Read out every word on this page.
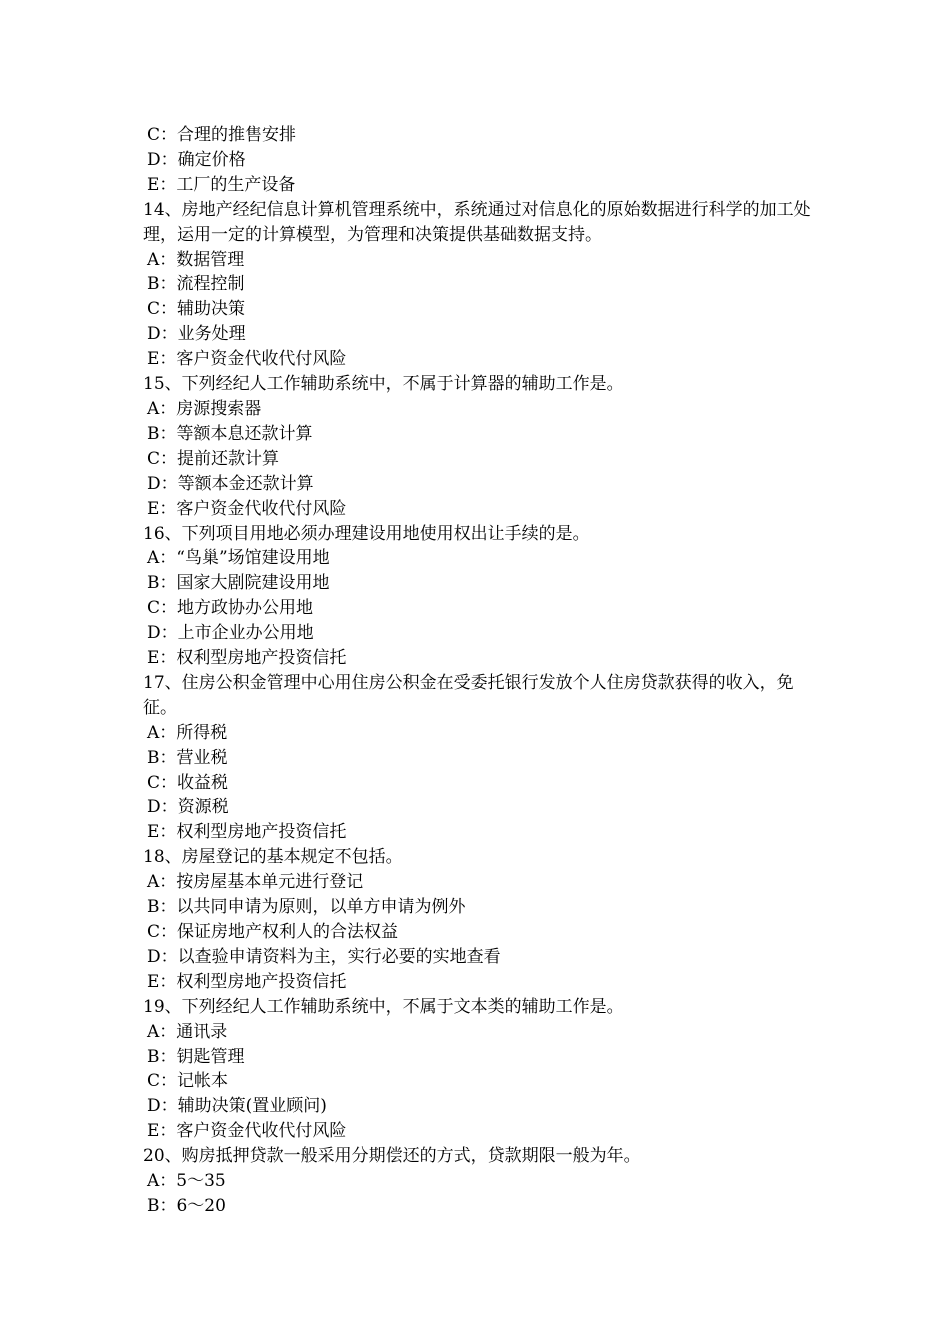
C：合理的推售安排
D：确定价格
E：工厂的生产设备
14、房地产经纪信息计算机管理系统中，系统通过对信息化的原始数据进行科学的加工处理，运用一定的计算模型，为管理和决策提供基础数据支持。
A：数据管理
B：流程控制
C：辅助决策
D：业务处理
E：客户资金代收代付风险
15、下列经纪人工作辅助系统中，不属于计算器的辅助工作是。
A：房源搜索器
B：等额本息还款计算
C：提前还款计算
D：等额本金还款计算
E：客户资金代收代付风险
16、下列项目用地必须办理建设用地使用权出让手续的是。
A：“鸟巢”场馆建设用地
B：国家大剧院建设用地
C：地方政协办公用地
D：上市企业办公用地
E：权利型房地产投资信托
17、住房公积金管理中心用住房公积金在受委托银行发放个人住房贷款获得的收入，免征。
A：所得税
B：营业税
C：收益税
D：资源税
E：权利型房地产投资信托
18、房屋登记的基本规定不包括。
A：按房屋基本单元进行登记
B：以共同申请为原则，以单方申请为例外
C：保证房地产权利人的合法权益
D：以查验申请资料为主，实行必要的实地查看
E：权利型房地产投资信托
19、下列经纪人工作辅助系统中，不属于文本类的辅助工作是。
A：通讯录
B：钥匙管理
C：记帐本
D：辅助决策(置业顾问)
E：客户资金代收代付风险
20、购房抵押贷款一般采用分期偿还的方式，贷款期限一般为年。
A：5～35
B：6～20
